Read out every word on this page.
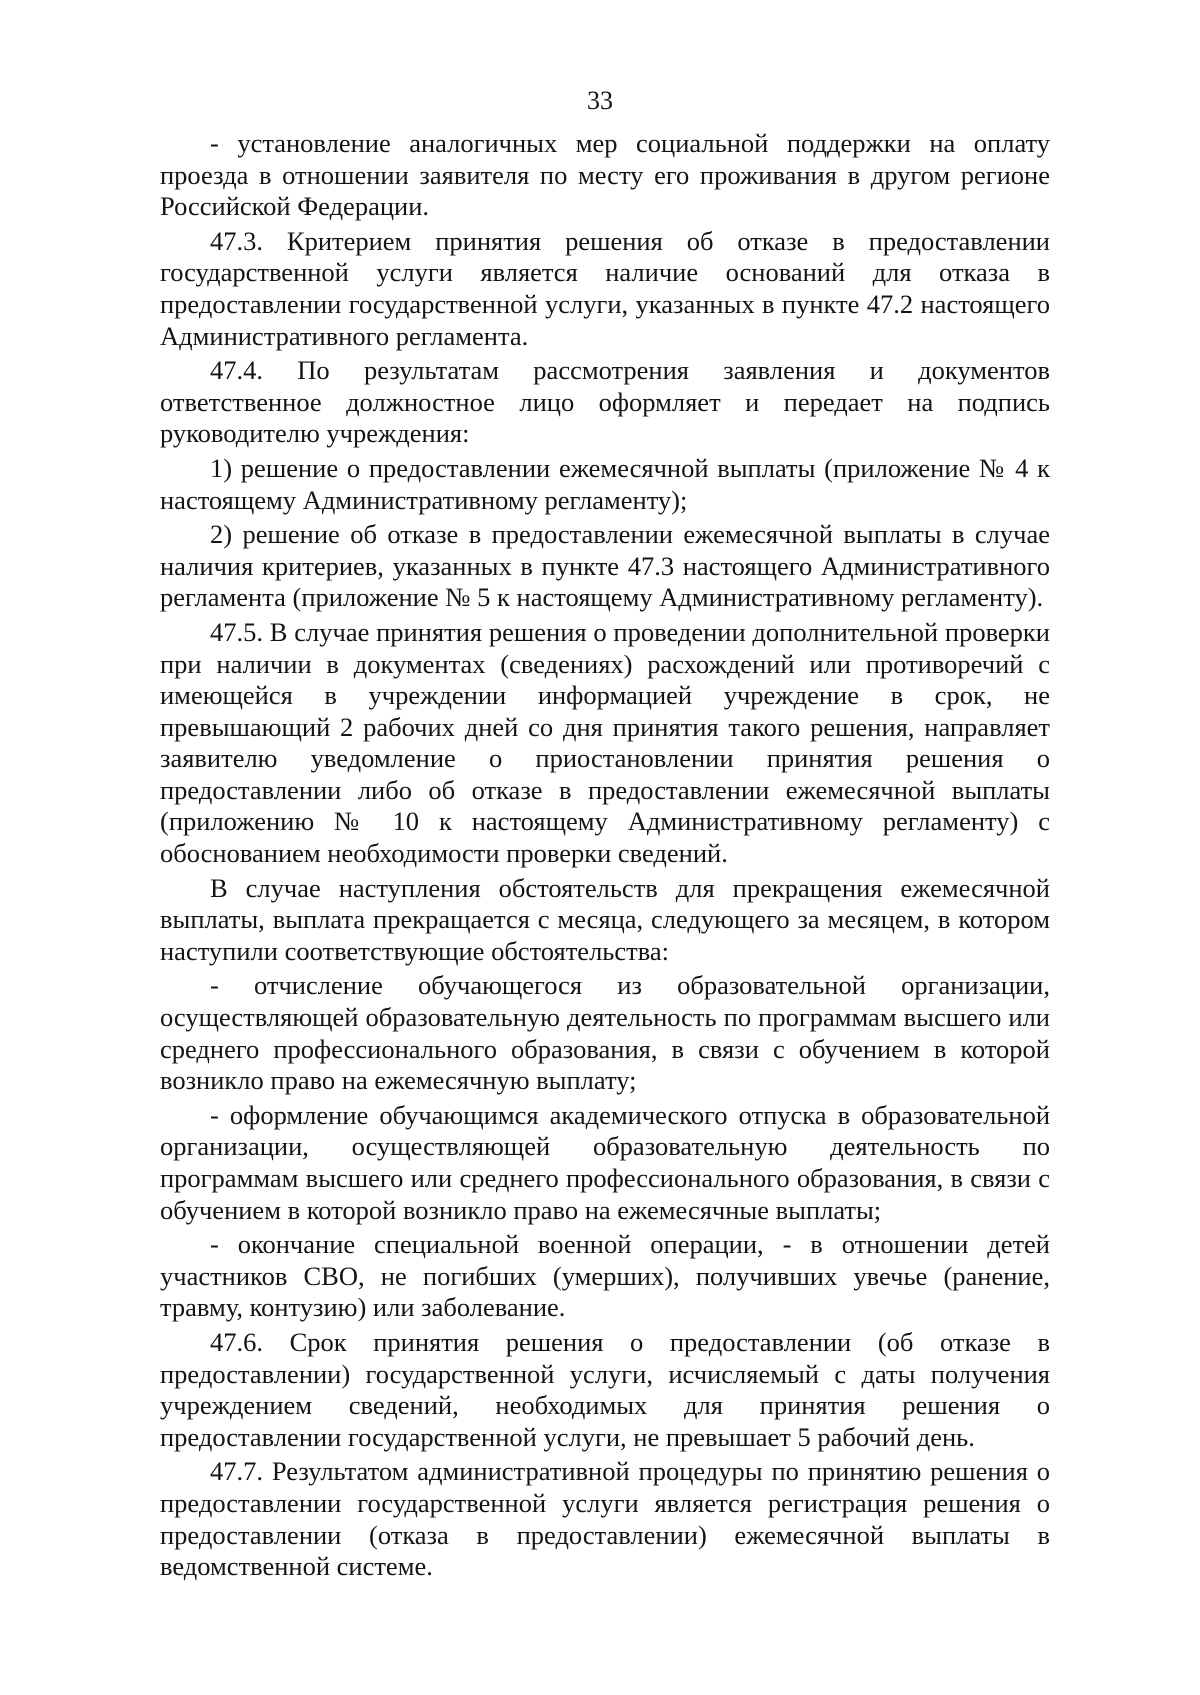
33

- установление аналогичных мер социальной поддержки на оплату проезда в отношении заявителя по месту его проживания в другом регионе Российской Федерации.

47.3. Критерием принятия решения об отказе в предоставлении государственной услуги является наличие оснований для отказа в предоставлении государственной услуги, указанных в пункте 47.2 настоящего Административного регламента.

47.4. По результатам рассмотрения заявления и документов ответственное должностное лицо оформляет и передает на подпись руководителю учреждения:

1) решение о предоставлении ежемесячной выплаты (приложение № 4 к настоящему Административному регламенту);

2) решение об отказе в предоставлении ежемесячной выплаты в случае наличия критериев, указанных в пункте 47.3 настоящего Административного регламента (приложение № 5 к настоящему Административному регламенту).

47.5. В случае принятия решения о проведении дополнительной проверки при наличии в документах (сведениях) расхождений или противоречий с имеющейся в учреждении информацией учреждение в срок, не превышающий 2 рабочих дней со дня принятия такого решения, направляет заявителю уведомление о приостановлении принятия решения о предоставлении либо об отказе в предоставлении ежемесячной выплаты (приложению № 10 к настоящему Административному регламенту) с обоснованием необходимости проверки сведений.

В случае наступления обстоятельств для прекращения ежемесячной выплаты, выплата прекращается с месяца, следующего за месяцем, в котором наступили соответствующие обстоятельства:

- отчисление обучающегося из образовательной организации, осуществляющей образовательную деятельность по программам высшего или среднего профессионального образования, в связи с обучением в которой возникло право на ежемесячную выплату;

- оформление обучающимся академического отпуска в образовательной организации, осуществляющей образовательную деятельность по программам высшего или среднего профессионального образования, в связи с обучением в которой возникло право на ежемесячные выплаты;

- окончание специальной военной операции, - в отношении детей участников СВО, не погибших (умерших), получивших увечье (ранение, травму, контузию) или заболевание.

47.6. Срок принятия решения о предоставлении (об отказе в предоставлении) государственной услуги, исчисляемый с даты получения учреждением сведений, необходимых для принятия решения о предоставлении государственной услуги, не превышает 5 рабочий день.

47.7. Результатом административной процедуры по принятию решения о предоставлении государственной услуги является регистрация решения о предоставлении (отказа в предоставлении) ежемесячной выплаты в ведомственной системе.
